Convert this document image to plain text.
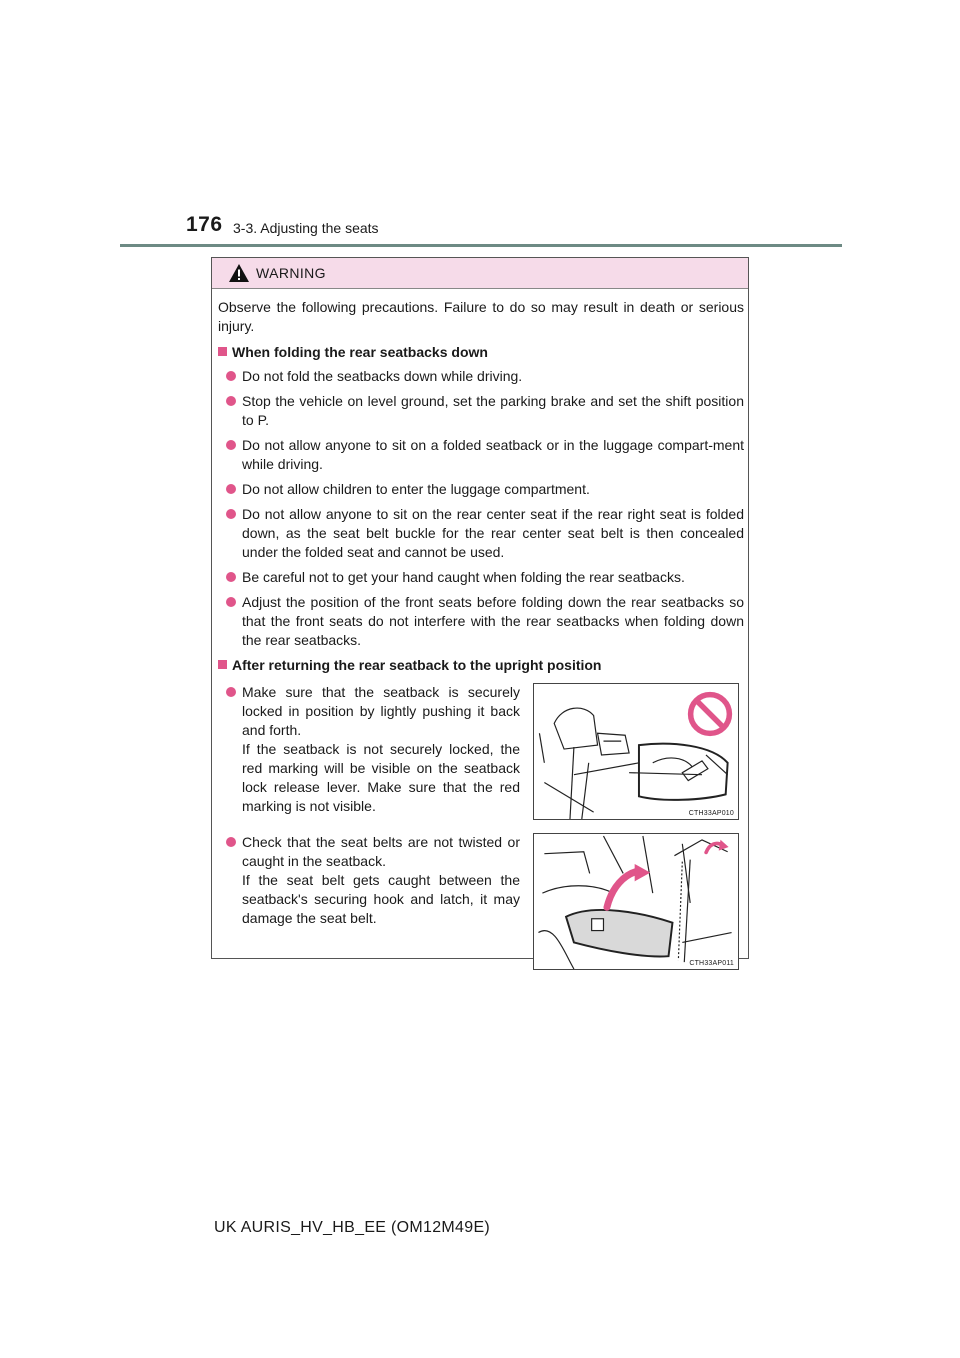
176 3-3. Adjusting the seats
WARNING

Observe the following precautions. Failure to do so may result in death or serious injury.

When folding the rear seatbacks down
Do not fold the seatbacks down while driving.
Stop the vehicle on level ground, set the parking brake and set the shift position to P.
Do not allow anyone to sit on a folded seatback or in the luggage compart-ment while driving.
Do not allow children to enter the luggage compartment.
Do not allow anyone to sit on the rear center seat if the rear right seat is folded down, as the seat belt buckle for the rear center seat belt is then concealed under the folded seat and cannot be used.
Be careful not to get your hand caught when folding the rear seatbacks.
Adjust the position of the front seats before folding down the rear seatbacks so that the front seats do not interfere with the rear seatbacks when folding down the rear seatbacks.
After returning the rear seatback to the upright position
Make sure that the seatback is securely locked in position by lightly pushing it back and forth.
If the seatback is not securely locked, the red marking will be visible on the seatback lock release lever. Make sure that the red marking is not visible.	CTH33AP010
Check that the seat belts are not twisted or caught in the seatback.
If the seat belt gets caught between the seatback's securing hook and latch, it may damage the seat belt.
CTH33AP011
UK AURIS_HV_HB_EE (OM12M49E)
